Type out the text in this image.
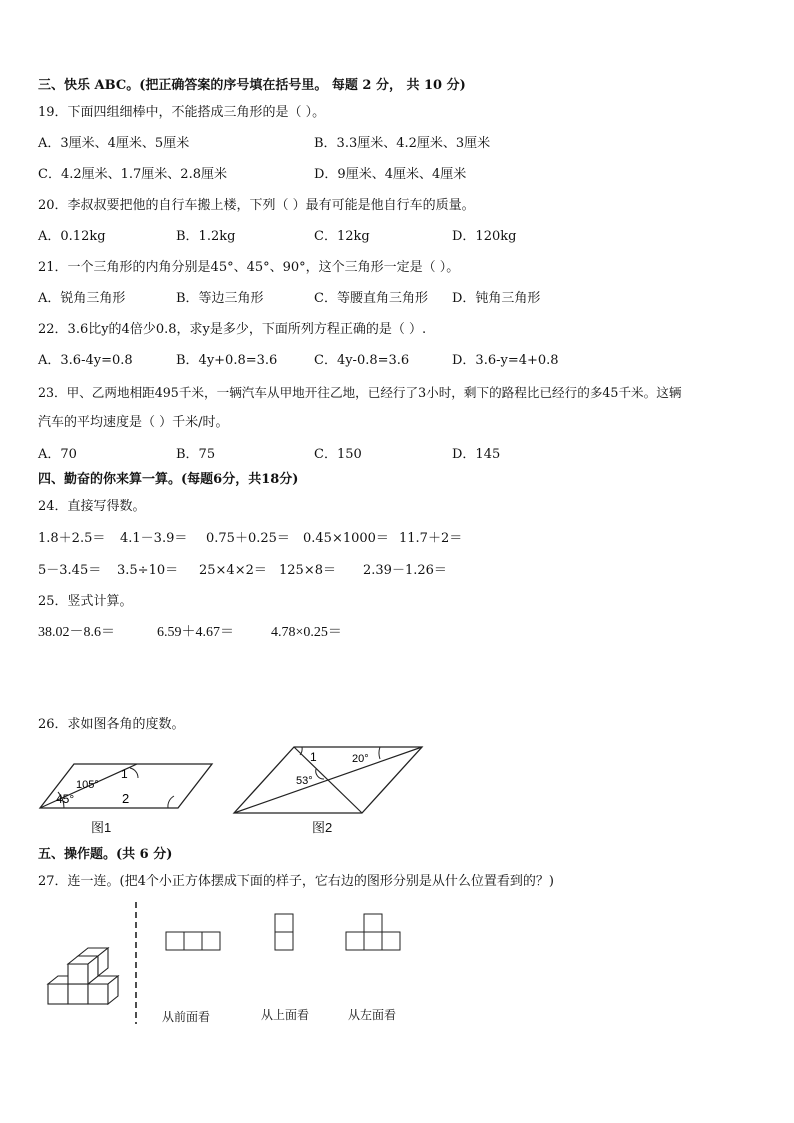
三、快乐 ABC。(把正确答案的序号填在括号里。 每题 2 分， 共 10 分)
19．下面四组细棒中，不能搭成三角形的是（ ）。
A．3厘米、4厘米、5厘米	B．3.3厘米、4.2厘米、3厘米
C．4.2厘米、1.7厘米、2.8厘米	D．9厘米、4厘米、4厘米
20．李叔叔要把他的自行车搬上楼，下列（ ）最有可能是他自行车的质量。
A．0.12kg	B．1.2kg	C．12kg	D．120kg
21．一个三角形的内角分别是45°、45°、90°，这个三角形一定是（ ）。
A．锐角三角形	B．等边三角形	C．等腰直角三角形 D．钝角三角形
22．3.6比y的4倍少0.8，求y是多少，下面所列方程正确的是（ ）.
A．3.6-4y=0.8	B．4y+0.8=3.6	C．4y-0.8=3.6	D．3.6-y=4+0.8
23．甲、乙两地相距495千米，一辆汽车从甲地开往乙地，已经行了3小时，剩下的路程比已经行的多45千米。这辆
汽车的平均速度是（ ）千米/时。
A．70	B．75	C．150	D．145
四、勤奋的你来算一算。(每题6分，共18分)
24．直接写得数。
1.8＋2.5＝ 4.1－3.9＝ 0.75＋0.25＝ 0.45×1000＝ 11.7＋2＝
5－3.45＝ 3.5÷10＝ 25×4×2＝ 125×8＝ 2.39－1.26＝
25．竖式计算。
38.02－8.6＝	6.59＋4.67＝	4.78×0.25＝
26．求如图各角的度数。
105°
45°
1
2
图1
1	20°
53°
图2
五、操作题。(共 6 分)
27．连一连。(把4个小正方体摆成下面的样子，它右边的图形分别是从什么位置看到的？)
从前面看	从上面看	从左面看
